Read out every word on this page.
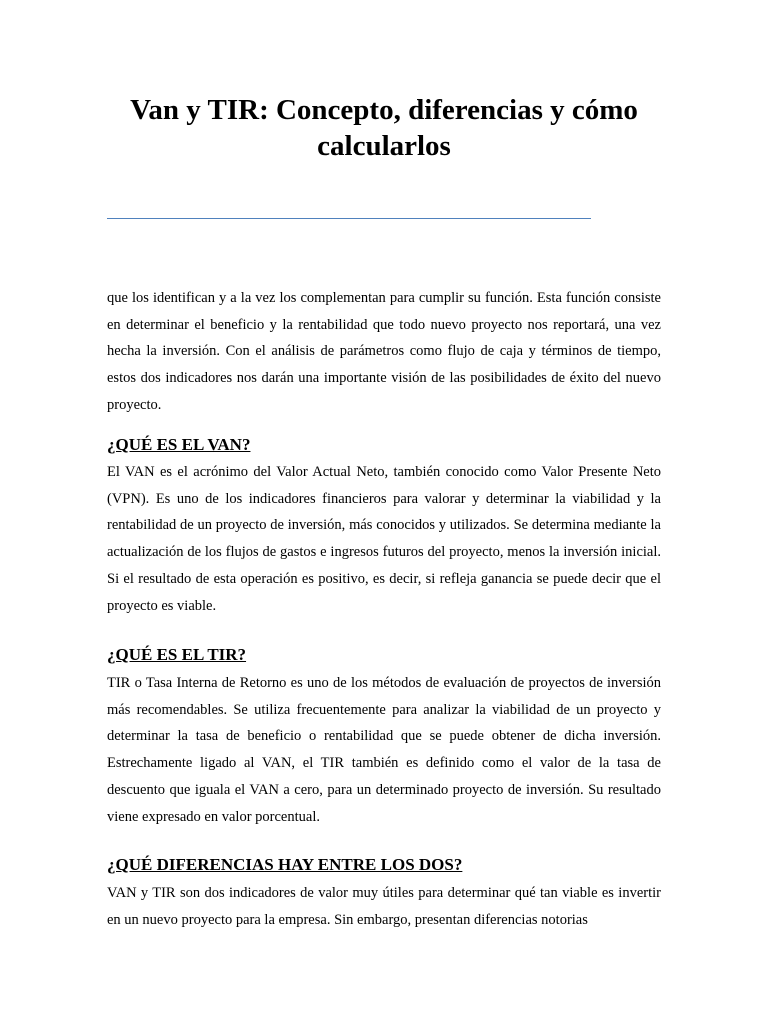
Van y TIR: Concepto, diferencias y cómo calcularlos

que los identifican y a la vez los complementan para cumplir su función. Esta función consiste en determinar el beneficio y la rentabilidad que todo nuevo proyecto nos reportará, una vez hecha la inversión. Con el análisis de parámetros como flujo de caja y términos de tiempo, estos dos indicadores nos darán una importante visión de las posibilidades de éxito del nuevo proyecto.

¿QUÉ ES EL VAN?

El VAN es el acrónimo del Valor Actual Neto, también conocido como Valor Presente Neto (VPN). Es uno de los indicadores financieros para valorar y determinar la viabilidad y la rentabilidad de un proyecto de inversión, más conocidos y utilizados. Se determina mediante la actualización de los flujos de gastos e ingresos futuros del proyecto, menos la inversión inicial. Si el resultado de esta operación es positivo, es decir, si refleja ganancia se puede decir que el proyecto es viable.

¿QUÉ ES EL TIR?

TIR o Tasa Interna de Retorno es uno de los métodos de evaluación de proyectos de inversión más recomendables. Se utiliza frecuentemente para analizar la viabilidad de un proyecto y determinar la tasa de beneficio o rentabilidad que se puede obtener de dicha inversión. Estrechamente ligado al VAN, el TIR también es definido como el valor de la tasa de descuento que iguala el VAN a cero, para un determinado proyecto de inversión. Su resultado viene expresado en valor porcentual.

¿QUÉ DIFERENCIAS HAY ENTRE LOS DOS?

VAN y TIR son dos indicadores de valor muy útiles para determinar qué tan viable es invertir en un nuevo proyecto para la empresa. Sin embargo, presentan diferencias notorias
